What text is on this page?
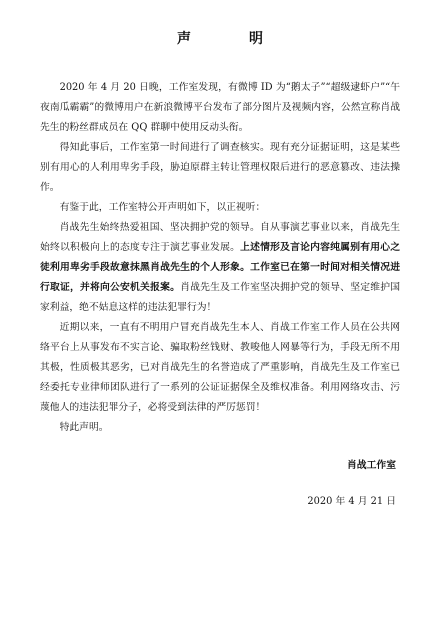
声　明

2020 年 4 月 20 日晚，工作室发现，有微博 ID 为“鹅太子”“超级逮虾户”“午夜南瓜霸霸”的微博用户在新浪微博平台发布了部分图片及视频内容，公然宣称肖战先生的粉丝群成员在 QQ 群聊中使用反动头衔。

得知此事后，工作室第一时间进行了调查核实。现有充分证据证明，这是某些别有用心的人利用卑劣手段，胁迫原群主转让管理权限后进行的恶意篡改、违法操作。

有鉴于此，工作室特公开声明如下，以正视听：

肖战先生始终热爱祖国、坚决拥护党的领导。自从事演艺事业以来，肖战先生始终以积极向上的态度专注于演艺事业发展。上述情形及言论内容纯属别有用心之徒利用卑劣手段故意抹黑肖战先生的个人形象。工作室已在第一时间对相关情况进行取证，并将向公安机关报案。肖战先生及工作室坚决拥护党的领导、坚定维护国家利益，绝不姑息这样的违法犯罪行为！

近期以来，一直有不明用户冒充肖战先生本人、肖战工作室工作人员在公共网络平台上从事发布不实言论、骗取粉丝钱财、教唆他人网暴等行为，手段无所不用其极，性质极其恶劣，已对肖战先生的名誉造成了严重影响，肖战先生及工作室已经委托专业律师团队进行了一系列的公证证据保全及维权准备。利用网络攻击、污蔑他人的违法犯罪分子，必将受到法律的严厉惩罚！

特此声明。

肖战工作室

2020 年 4 月 21 日
